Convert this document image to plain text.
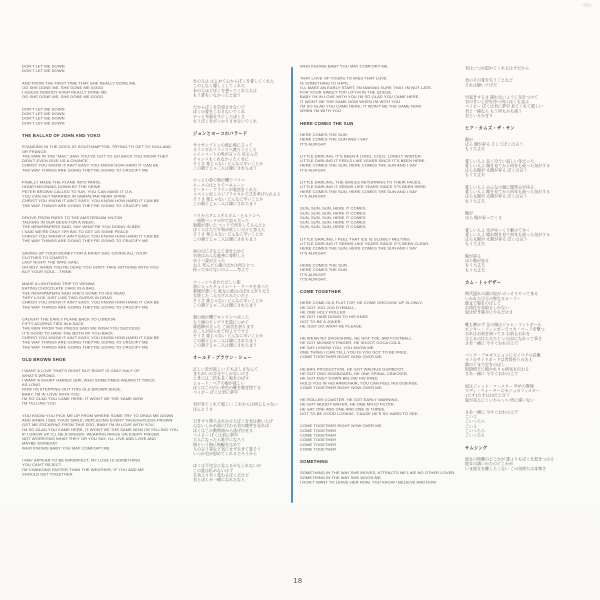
DON'T LET ME DOWN
DON'T LET ME DOWN
AND FROM THE FIRST TIME THAT SHE REALLY DONE ME,
OO SHE DONE ME, SHE DONE ME GOOD
I GUESS NOBODY EVER REALLY DONE ME
OO SHE DONE ME, SHE DONE ME GOOD
DON'T LET ME DOWN
DON'T LET ME DOWN
DON'T LET ME DOWN
DON'T LET ME DOWN
THE BALLAD OF JOHN AND YOKO
STANDING IN THE DOCK AT SOUTHAMPTON, TRYING TO GET TO HOLLAND
OR FRANCE.
THE MAN IN THE "MAC" SAID YOU'VE GOT TO GO BACK YOU KNOW THEY
DIDN'T EVEN GIVE US A CHANCE
CHRIST YOU KNOW IT AIN'T EASY YOU KNOW HOW HARD IT CAN BE
THE WAY THINGS ARE GOING THEY'RE GOING TO CRUCIFY ME
FINALLY MADE THE PLANE INTO PARIS,
HONEYMOONING DOWN BY THE SEINE.
PETER BROWN CALLED TO SAY, YOU CAN MAKE IT O.K.
YOU CAN GET MARRIED IN GIBRALTAR NEAR SPAIN
CHRIST YOU KNOW IT AIN'T EASY, YOU KNOW HOW HARD IT CAN BE
THE WAY THINGS ARE GOING THEY'RE GOING TO CRUCIFY ME
DROVE FROM PARIS TO THE AMSTERDAM HILTON
TALKING IN OUR BEDS FOR A WEEK.
THE NEWSPAPERS SAID, SAY WHAT'RE YOU DOING IN BED
I SAID WE'RE ONLY TRYING TO GET US SOME PEACE
CHRIST YOU KNOW IT AIN'T EASY, YOU KNOW HOW HARD IT CAN BE
THE WAY THINGS ARE GOING THEY'RE GOING TO CRUCIFY ME
SAVING UP YOUR MONEY FOR A RAINY DAY, GIVING ALL YOUR
CLOTHES TO CHARITY.
LAST NIGHT THE WIFE SAID,
OH BOY, WHEN YOU'RE DEAD YOU DON'T TAKE NOTHING WITH YOU
BUT YOUR SOUL - THINK
MADE A LIGHTNING TRIP TO VIENNA
EATING CHOCOLATE CAKE IN A BAG.
THE NEWSPAPERS SAID SHE'S GONE TO HIS HEAD
THEY LOOK JUST LIKE TWO GURUS IN DRAG
CHRIST YOU KNOW IT AIN'T EASY, YOU KNOW HOW HARD IT CAN BE
THE WAY THINGS ARE GOING THEY'RE GOING TO CRUCIFY ME
CAUGHT THE EARLY PLANE BACK TO LONDON
FIFTY ACORNS TIED IN A SACK
THE MEN FROM THE PRESS SAID WE WISH YOU SUCCESS
IT'S GOOD TO HAVE THE BOTH OF YOU BACK
CHRIST YOU KNOW IT AIN'T EASY, YOU KNOW HOW HARD IT CAN BE
THE WAY THINGS ARE GOING THEY'RE GOING TO CRUCIFY ME
THE WAY THINGS ARE GOING THEY'RE GOING TO CRUCIFY ME
OLD BROWN SHOE
I WANT A LOVE THAT'S RIGHT BUT RIGHT IS ONLY HALF OF
WHAT'S WRONG.
I WANT A SHORT HAIRED GIRL WHO SOMETIMES WEARS IT TWICE
AS LONG.
NOW I'M STEPPING OUT THIS OLD BROWN SHOE,
BABY, I'M IN LOVE WITH YOU.
I'M SO GLAD YOU CAME HERE, IT WON'T BE THE SAME NOW
I'M TELLING YOU
YOU KNOW YOU PICK ME UP FROM WHERE SOME TRY TO DRAG ME DOWN
AND WHEN I SEE YOUR SMILE, REPLACING EVERY THOUGHTLESS FROWN
GOT ME ESCAPING FROM THIS ZOO, BABY I'M IN LOVE WITH YOU
I'M SO GLAD YOU CAME HERE, IT WON'T BE THE SAME NOW I'M TELLING YOU
IF I GROW UP I'LL BE A SINGER, WEARING RINGS ON EVERY FINGER.
NOT WORRYING WHAT THEY OR YOU SAY, I'LL LIVE AND LOVE AND
MAYBE SOMEDAY
WHO KNOWS BABY YOU MAY COMFORT ME.
I MAY APPEAR TO BE IMPERFECT, MY LOVE IS SOMETHING
YOU CAN'T REJECT.
I'M CHANGING FASTER THAN THE WEATHER, IF YOU AND ME
SHOULD GET TOGETHER
あの人は はじめて心からぼくを愛してくれた
この上なく優しくしてくれた
あの人ほどぼくを想ってくれた人は
もう誰もいなかったと思う
だからぼくを失望させないで
ぼくの愛をこわさないでくれ
やっと幸福を手にしたぼくさ
もうぼくをがっかりさせないでくれ
ジョンとヨーコのバラード
サウサンプトンの波止場に立って
オランダかフランスへ渡ろうとした
レインコートの男が言った 戻るんだ
チャンスもくれなかったくせに
そうさ 楽じゃない どんなに辛いことか
この調子じゃ二人は磔にされちまう
やっとの事で飛行機でパリへ
セーヌのほとりでハネムーン
ピーター・ブラウンが電話をくれた
スペイン近くのジブラルタルで式を挙げられると
そうさ 楽じゃない どんなに辛いことか
この調子じゃ二人は磔にされちまう
パリからアムステルダム・ヒルトンへ
一週間ベッドの中で語り合った
新聞が書いた ベッドで何をしてるんだと
ぼくらはただ平和が欲しいだけと答えた
そうさ 楽じゃない どんなに辛いことか
この調子じゃ二人は磔にされちまう
雨の日にそなえて金をためて
衣装はみんな慈善に寄附した
ゆうべ妻が言った
ねえ 死んだら魂のほかは何ひとつ
持ってゆけないのよ――考えて
ウィーンへあわただしい旅
袋に入ったチョコレート・ケーキを食べた
新聞が書いた 彼女に彼はのぼせ上がりだと
女装した二人のグルみたいだと
そうさ 楽じゃない どんなに辛いことか
この調子じゃ二人は磔にされちまう
朝の飛行機でロンドンへ戻った
五十個のドングリを袋につめて
報道陣が言った ご成功を祈ります
お二人が戻られて何よりですと
そうさ 楽じゃない どんなに辛いことか
この調子じゃ二人は磔にされちまう
この調子じゃ二人は磔にされちまう
オールド・ブラウン・シュー
正しい恋が欲しい でも正しさなんて
まちがいの半分でしかないのさ
ときには二倍も長く髪をのばす
ショート・ヘアの娘が欲しい
ぼくはこの古い茶色の靴を脱ぎ捨てる
ベイビー ぼくは君に夢中
君が来てくれて嬉しい これからは同じじゃない
ほんとうさ
引きずり降ろされかけたぼくを君は救い上げ
心ないしかめ面に代わる君の微笑を見れば
ぼくはこの動物園から逃げ出せる
ベイビー ぼくは君に夢中
大人になったら歌手になろう
指という指に指輪をはめて
人の言う事など気にせず生きて愛そう
いつか君が慰めてくれるだろうから
ぼくは不完全に見えるかもしれないが
この愛は拒めないはず
天気より早く変わるぼくだけど
君とぼくが一緒になれたなら
WHO KNOWS BABY YOU MAY COMFORT ME.
THAT LOVE OF YOURS TO MISS THAT LOVE
IS SOMETHING I'D HATE.
I'LL MAKE AN EARLY START, I'M MAKING SURE THAT I'M NOT LATE.
FOR YOUR SWEET TOP LIP I'M IN THE QUEUE.
BABY I'M IN LOVE WITH YOU I'M SO GLAD YOU CAME HERE,
IT WON'T BE THE SAME NOW WHEN I'M WITH YOU
I'M SO GLAD YOU CAME HERE, IT WON'T BE THE SAME NOW
WHEN I'M WITH YOU
HERE COMES THE SUN
HERE COMES THE SUN
HERE COMES THE SUN AND I SAY
IT'S ALRIGHT
LITTLE DARLING, IT'S BEEN A LONG, COLD, LONELY WINTER.
LITTLE DARLING IT FEELS LIKE YEARS SINCE IT'S BEEN HERE.
HERE COMES THE SUN, HERE COMES THE SUN AND I SAY
IT'S ALRIGHT.
LITTLE DARLING, THE SMILES RETURNING TO THEIR FACES.
LITTLE DARLING IT SEEMS LIKE YEARS SINCE IT'S BEEN HERE.
HERE COMES THE SUN, HERE COMES THE SUN AND I SAY
IT'S ALRIGHT.
SUN, SUN, SUN, HERE IT COMES
SUN, SUN, SUN, HERE IT COMES
SUN, SUN, SUN, HERE IT COMES
SUN, SUN, SUN, HERE IT COMES
SUN, SUN, SUN, HERE IT COMES
LITTLE DARLING, I FEEL THAT ICE IS SLOWLY MELTING.
LITTLE DARLING IT SEEMS LIKE YEARS SINCE IT'S BEEN CLEAR.
HERE COMES THE SUN, HERE COMES THE SUN AND I SAY
IT'S ALRIGHT.
HERE COMES THE SUN
HERE COMES THE SUN
IT'S ALRIGHT
IT'S ALRIGHT.
COME TOGETHER
HERE COME OLD FLAT TOP, HE COME GROOVIN' UP SLOWLY,
HE GOT JOO JOO EYEBALL,
HE ONE HOLY ROLLER,
HE GOT HAIR DOWN TO HIS KNEE.
GOT TO BE A JOKER,
HE JUST DO WHAT HE PLEASE.
HE WEAR NO SHOESHINE, HE GOT TOE JAM FOOTBALL.
HE GOT MONKEY FINGER, HE SHOOT COCA COLA.
HE SAY I KNOW YOU, YOU KNOW ME.
ONE THING I CAN TELL YOU IS YOU GOT TO BE FREE.
COME TOGETHER RIGHT NOW OVER ME.
HE BAG PRODUCTION, HE GOT WALRUS GUMBOOT.
HE GOT ONO SIDEBOARD, HE ONE SPINAL CRACKER.
HE GOT FEET DOWN BELOW HIS KNEE
HOLD YOU IN HIS ARMCHAIR, YOU CAN FEEL HIS DISEASE.
COME TOGETHER RIGHT NOW OVER ME.
HE ROLLER COASTER, HE GOT EARLY WARNING,
HE GOT MUDDY WATER, HE ONE MOJO FILTER.
HE SAY ONE AND ONE AND ONE IS THREE,
GOT TO BE GOOD LOOKIN', 'CAUSE HE'S SO HARD TO SEE.
COME TOGETHER RIGHT NOW OVER ME.
COME TOGETHER
COME TOGETHER
COME TOGETHER
COME TOGETHER
COME TOGETHER
SOMETHING
SOMETHING IN THE WAY SHE MOVES, ATTRACTS ME LIKE NO OTHER LOVER.
SOMETHING IN THE WAY SHE WOOS ME.
I DON'T WANT TO LEAVE HER NOW, YOU KNOW I BELIEVE AND HOW
君はいつか慰めてくれるはずだから
君のその愛を失うことなど
それは願い下げだ
早起きするさ 遅れないように気をつけて
君の甘い上唇を待つ列にぼくも並ぶ
ベイビー ぼくは君に夢中 来てくれて嬉しい
君と一緒なら もう何もかも違う
君といるかぎり
ヒア・カムズ・ザ・サン
陽が
ほら 陽が昇る そしてぼくは言う
もう大丈夫
愛しい人よ 長く冷たい寂しい冬だった
愛しい人よ 陽を見てから何年も経った気がする
ほら太陽が 太陽が昇る ぼくは言う
もう大丈夫
愛しい人よ みんなの顔に微笑みが戻る
愛しい人よ 陽を見てから何年も経った気がする
ほら太陽が 太陽が昇る ぼくは言う
もう大丈夫
陽が
ほら 陽が昇ってくる
愛しい人よ 氷がゆっくり解けてゆく
愛しい人よ 晴れ間を見て何年も経った気がする
ほら太陽が 太陽が昇る ぼくは言う
もう大丈夫
陽が昇る
ほら陽が昇る
もう大丈夫
もう大丈夫
カム・トゥゲザー
時代遅れの頭の奴が のっそりやって来る
いかれた目玉の聖なるローラー
膝まで髪をのばして
お道化を気取るしかない
奴は好き勝手にやるだけさ
靴も磨かず 足の指はジャム・フットボール
モンキー・フィンガーでコカ・コーラを撃つ
おれはお前を知ってる お前もおれを
言えるのはただひとつ 自由になれって事さ
さあ一緒に 今すぐおれの上で
バッグ・プロダクションにセイウチの長靴
オノのサイドボードは背骨折りの名人
膝の下まで足をのばし
肘掛椅子に抱かれりゃ病気も伝わる
さあ一緒に 今すぐおれの上で
奴はジェット・コースター 早めの警報
マディ・ウォーターにモジョのフィルター
1たす1たす1は3だと言う
姿が見えにくいから いい男に違いない
さあ一緒に 今すぐおれの上で
こいよ
こいったら
こいよ
こいったら
こいったら
サムシング
彼女の物腰のどこかが 誰よりもぼくを惹きつける
彼女の誘いかたのどこかが
いま彼女を離したくない この気持ちは本物さ
18
